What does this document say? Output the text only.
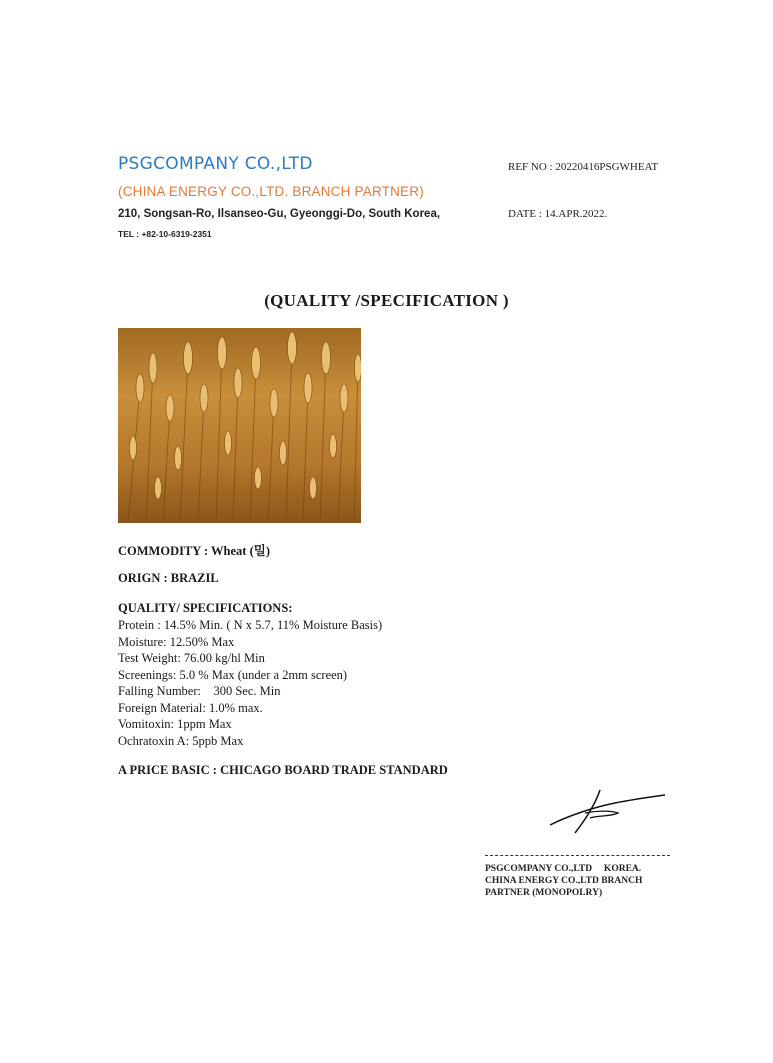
PSGCOMPANY CO.,LTD
(CHINA ENERGY CO.,LTD. BRANCH PARTNER)
210, Songsan-Ro, Ilsanseo-Gu, Gyeonggi-Do, South Korea,
TEL : +82-10-6319-2351
REF NO : 20220416PSGWHEAT
DATE : 14.APR.2022.
(QUALITY /SPECIFICATION )
COMMODITY : Wheat (밀)
ORIGN : BRAZIL
QUALITY/ SPECIFICATIONS:
Protein : 14.5% Min. ( N x 5.7, 11% Moisture Basis)
Moisture: 12.50% Max
Test Weight: 76.00 kg/hl Min
Screenings: 5.0 % Max (under a 2mm screen)
Falling Number:    300 Sec. Min
Foreign Material: 1.0% max.
Vomitoxin: 1ppm Max
Ochratoxin A: 5ppb Max
A PRICE BASIC : CHICAGO BOARD TRADE STANDARD
PSGCOMPANY CO.,LTD     KOREA.
CHINA ENERGY CO.,LTD BRANCH
PARTNER (MONOPOLRY)
